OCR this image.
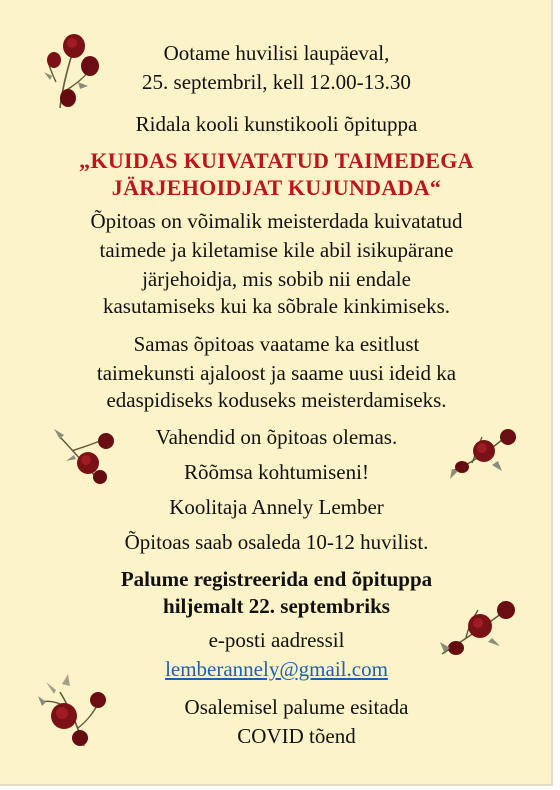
Ootame huvilisi laupäeval,
25. septembril, kell 12.00-13.30
Ridala kooli kunstikooli õpituppa
„KUIDAS KUIVATATUD TAIMEDEGA
JÄRJEHOIDJAT KUJUNDADA“
Õpitoas on võimalik meisterdada kuivatatud
taimede ja kiletamise kile abil isikupärane
järjehoidja, mis sobib nii endale
kasutamiseks kui ka sõbrale kinkimiseks.
Samas õpitoas vaatame ka esitlust
taimekunsti ajaloost ja saame uusi ideid ka
edaspidiseks koduseks meisterdamiseks.
Vahendid on õpitoas olemas.
Rõõmsa kohtumiseni!
Koolitaja Annely Lember
Õpitoas saab osaleda 10-12 huvilist.
Palume registreerida end õpituppa
hiljemalt 22. septembriks
e-posti aadressil
lemberannely@gmail.com
Osalemisel palume esitada
COVID tõend
